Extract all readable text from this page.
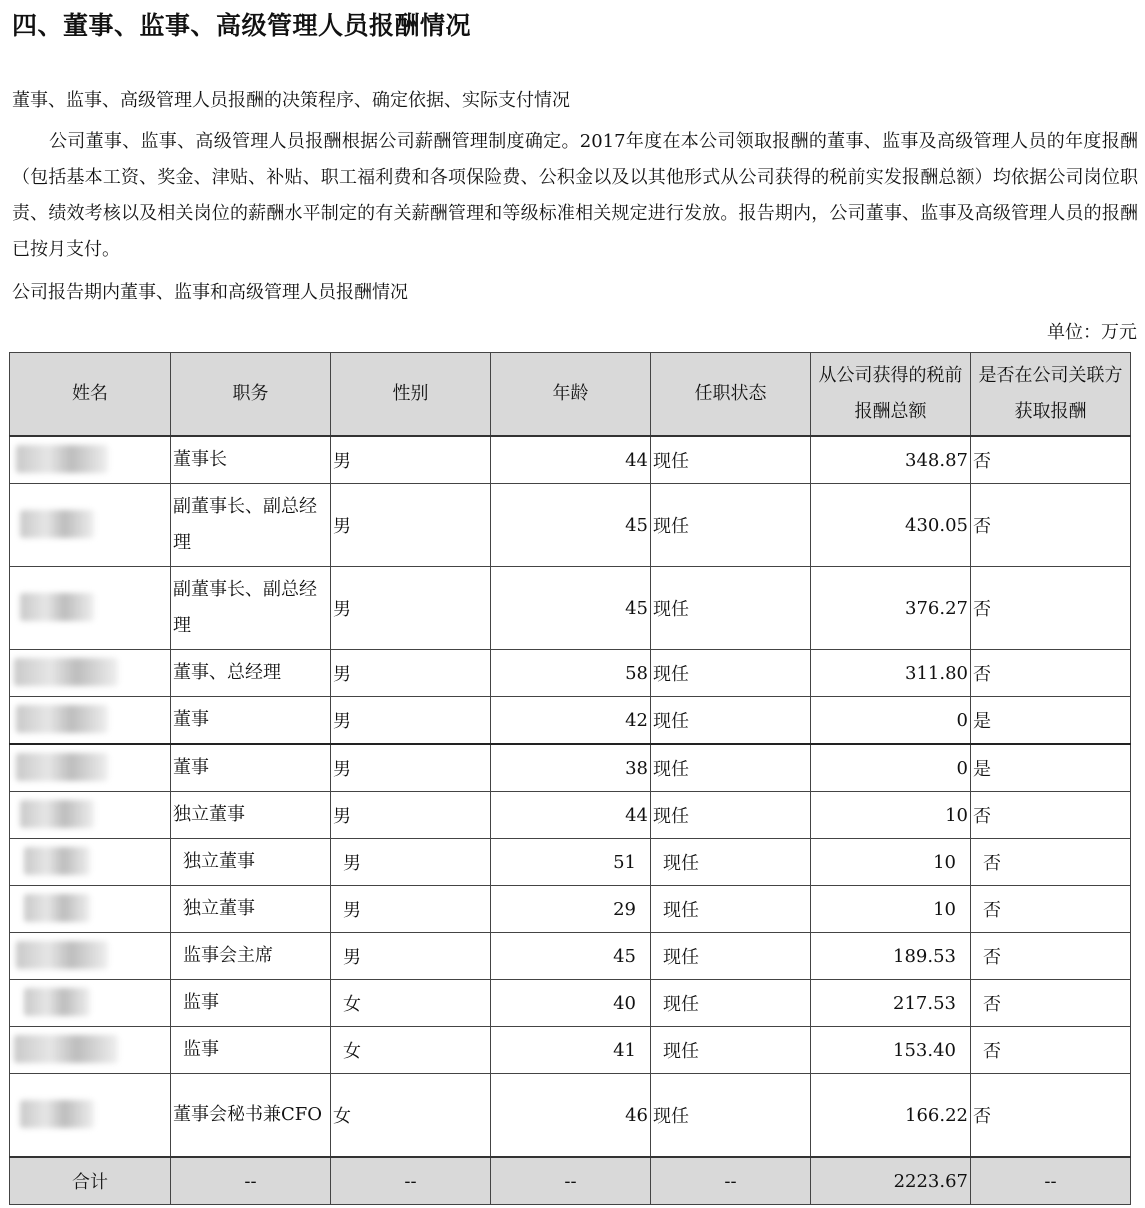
四、董事、监事、高级管理人员报酬情况
董事、监事、高级管理人员报酬的决策程序、确定依据、实际支付情况
公司董事、监事、高级管理人员报酬根据公司薪酬管理制度确定。2017年度在本公司领取报酬的董事、监事及高级管理人员的年度报酬（包括基本工资、奖金、津贴、补贴、职工福利费和各项保险费、公积金以及以其他形式从公司获得的税前实发报酬总额）均依据公司岗位职责、绩效考核以及相关岗位的薪酬水平制定的有关薪酬管理和等级标准相关规定进行发放。报告期内，公司董事、监事及高级管理人员的报酬已按月支付。
公司报告期内董事、监事和高级管理人员报酬情况
单位：万元
姓名	职务	性别	年龄	任职状态	从公司获得的税前报酬总额	是否在公司关联方获取报酬

	董事长	男	44	现任	348.87	否

	副董事长、副总经理	男	45	现任	430.05	否

	副董事长、副总经理	男	45	现任	376.27	否

	董事、总经理	男	58	现任	311.80	否

	董事	男	42	现任	0	是

	董事	男	38	现任	0	是

	独立董事	男	44	现任	10	否

	独立董事	男	51	现任	10	否

	独立董事	男	29	现任	10	否

	监事会主席	男	45	现任	189.53	否

	监事	女	40	现任	217.53	否

	监事	女	41	现任	153.40	否

	董事会秘书兼CFO	女	46	现任	166.22	否
合计	--	--	--	--	2223.67	--
